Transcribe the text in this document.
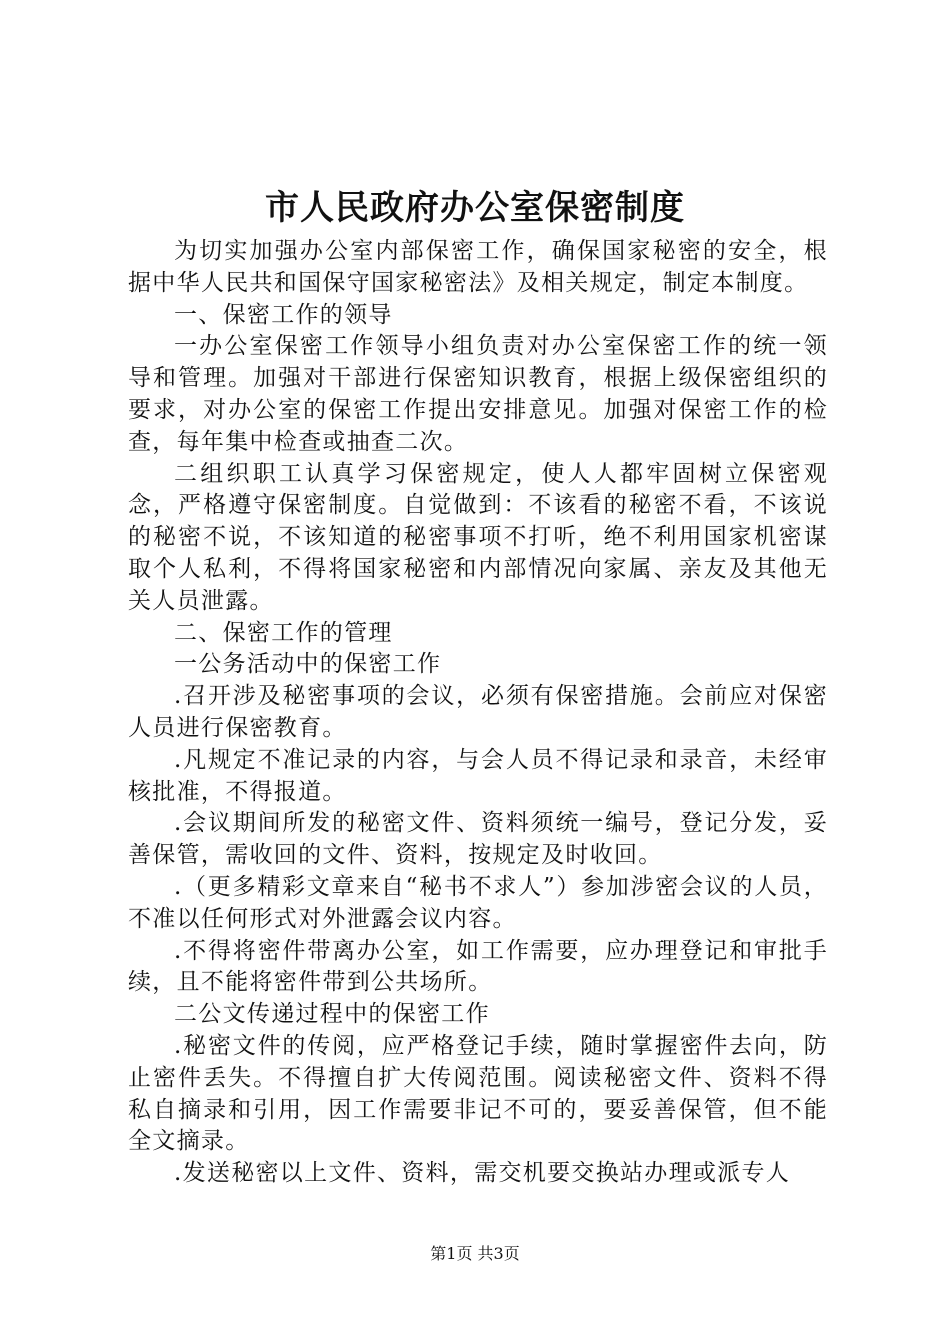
市人民政府办公室保密制度

为切实加强办公室内部保密工作，确保国家秘密的安全，根据中华人民共和国保守国家秘密法》及相关规定，制定本制度。

一、保密工作的领导

一办公室保密工作领导小组负责对办公室保密工作的统一领导和管理。加强对干部进行保密知识教育，根据上级保密组织的要求，对办公室的保密工作提出安排意见。加强对保密工作的检查，每年集中检查或抽查二次。

二组织职工认真学习保密规定，使人人都牢固树立保密观念，严格遵守保密制度。自觉做到：不该看的秘密不看，不该说的秘密不说，不该知道的秘密事项不打听，绝不利用国家机密谋取个人私利，不得将国家秘密和内部情况向家属、亲友及其他无关人员泄露。

二、保密工作的管理

一公务活动中的保密工作

.召开涉及秘密事项的会议，必须有保密措施。会前应对保密人员进行保密教育。

.凡规定不准记录的内容，与会人员不得记录和录音，未经审核批准，不得报道。

.会议期间所发的秘密文件、资料须统一编号，登记分发，妥善保管，需收回的文件、资料，按规定及时收回。

.（更多精彩文章来自“秘书不求人”）参加涉密会议的人员，不准以任何形式对外泄露会议内容。

.不得将密件带离办公室，如工作需要，应办理登记和审批手续，且不能将密件带到公共场所。

二公文传递过程中的保密工作

.秘密文件的传阅，应严格登记手续，随时掌握密件去向，防止密件丢失。不得擅自扩大传阅范围。阅读秘密文件、资料不得私自摘录和引用，因工作需要非记不可的，要妥善保管，但不能全文摘录。

.发送秘密以上文件、资料，需交机要交换站办理或派专人

第1页 共3页
